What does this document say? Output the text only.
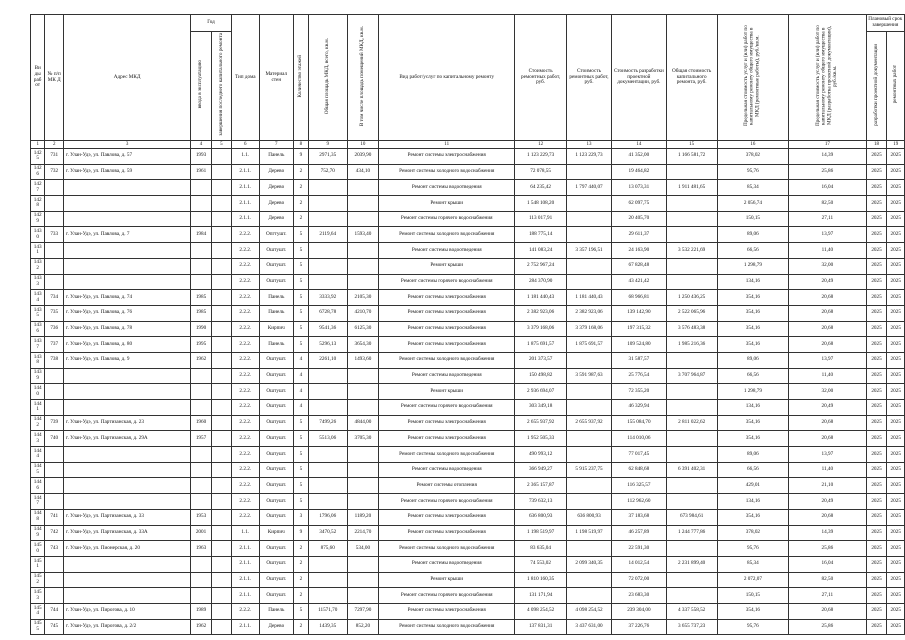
Ви ды раб от	№ п/п МК Д	Адрес МКД	Год		Тип дома	Материал стен	Количество этажей	Общая площадь МКД, всего, кв.м.	В том числе площадь помещений МКД, кв.м.	Вид работ/услуг по капитальному ремонту	Стоимость ремонтных работ, руб.	Стоимость ремонтных работ, руб.	Стоимость разработки проектной документации, руб.	Общая стоимость капитального ремонта, руб.	Предельная стоимость услуг и (или) работ по капитальному ремонту общего имущества в МКД (ремонтные работы), руб./кв.м.	Предельная стоимость услуг и (или) работ по капитальному ремонту общего имущества в МКД (разработка проектной документации), руб./кв.м.	Плановый срок завершения	
			ввода в эксплуатацию	завершения последнего капитального ремонта													разработки проектной документации	ремонтных работ
1	2	3	4	5	6	7	8	9	10	11	12	13	14	15	16	17	18	19
142 5	731	г. Улан-Удэ, ул. Павлова, д. 57	1993		1.1.	Панель	9	2971,35	2039,90	Ремонт системы электроснабжения	1 123 229,73	1 123 229,73	41 352,00	1 166 581,72	378,02	14,39	2025	2025
142 6	732	г. Улан-Удэ, ул. Павлова, д. 59	1961		2.1.1.	Дерево	2	752,70	434,10	Ремонт системы холодного водоснабжения	72 078,55		19 464,82		95,76	25,86	2025	2025
142 7					2.1.1.	Дерево	2			Ремонт системы водоотведения	64 235,42	1 797 440,07	13 073,31	1 911 481,65	85,34	16,04	2025	2025
142 8					2.1.1.	Дерево	2			Ремонт крыши	1 548 108,20		62 097,75		2 056,74	82,50	2025	2025
142 9					2.1.1.	Дерево	2			Ремонт системы горячего водоснабжения	113 017,91		20 405,70		150,15	27,11	2025	2025
143 0	733	г. Улан-Удэ, ул. Павлова, д. 7	1984		2.2.2.	Опгтушт.	5	2119,64	1593,40	Ремонт системы холодного водоснабжения	188 775,14		29 611,37		89,06	13,97	2025	2025
143 1					2.2.2.	Оштушт.	5			Ремонт системы водоотведения	141 083,24	3 357 196,51	24 163,90	3 532 221,69	66,56	11,40	2025	2025
143 2					2.2.2.	Оштушт.	5			Ремонт крыши	2 752 967,24		67 828,48		1 298,79	32,00	2025	2025
143 3					2.2.2.	Оштушт.	5			Ремонт системы горячего водоснабжения	284 370,90		43 421,42		134,16	20,49	2025	2025
143 4	734	г. Улан-Удэ, ул. Павлова, д. 74	1985		2.2.2.	Панель	5	3333,92	2105,30	Ремонт системы электроснабжения	1 181 440,43	1 181 440,43	68 966,81	1 250 436,25	354,16	20,68	2025	2025
143 5	735	г. Улан-Удэ, ул. Павлова, д. 76	1985		2.2.2.	Панель	5	6728,78	4210,70	Ремонт системы электроснабжения	2 382 923,06	2 382 923,06	139 142,90	2 522 065,96	354,16	20,68	2025	2025
143 6	736	г. Улан-Удэ, ул. Павлова, д. 78	1990		2.2.2.	Кирпич	5	9541,36	6125,30	Ремонт системы электроснабжения	3 379 168,06	3 379 168,06	197 315,32	3 576 483,38	354,16	20,68	2025	2025
143 7	737	г. Улан-Удэ, ул. Павлова, д. 80	1995		2.2.2.	Панель	5	5296,13	3654,30	Ремонт системы электроснабжения	1 875 691,57	1 875 691,57	109 524,80	1 985 216,36	354,16	20,68	2025	2025
143 8	738	г. Улан-Удэ, ул. Павлова, д. 9	1962		2.2.2.	Оштушт.	4	2261,10	1493,60	Ремонт системы холодного водоснабжения	201 373,57		31 587,57		89,06	13,97	2025	2025
143 9					2.2.2.	Оштушт.	4			Ремонт системы водоотведения	150 498,82	3 591 987,63	25 776,54	3 707 964,87	66,56	11,40	2025	2025
144 0					2.2.2.	Оштушт.	4			Ремонт крыши	2 936 694,07		72 355,20		1 298,79	32,00	2025	2025
144 1					2.2.2.	Оштушт.	4			Ремонт системы горячего водоснабжения	303 349,18		46 329,94		134,16	20,49	2025	2025
144 2	739	г. Улан-Удэ, ул. Партизанская, д. 23	1960		2.2.2.	Оштушт.	5	7499,26	4844,00	Ремонт системы электроснабжения	2 655 937,92	2 655 937,92	155 084,70	2 811 022,62	354,16	20,68	2025	2025
144 3	740	г. Улан-Удэ, ул. Партизанская, д. 29А	1957		2.2.2.	Оштушт.	5	5513,06	3705,30	Ремонт системы электроснабжения	1 952 505,33		114 010,06		354,16	20,68	2025	2025
144 4					2.2.2.	Оштушт.	5			Ремонт системы холодного водоснабжения	490 993,12		77 017,45		89,06	13,97	2025	2025
144 5					2.2.2.	Оштушт.	5			Ремонт системы водоотведения	366 949,27	5 915 237,75	62 848,68	6 391 402,31	66,56	11,40	2025	2025
144 6					2.2.2.	Оштушт.	5			Ремонт системы отопления	2 365 157,87		116 325,57		429,01	21,10	2025	2025
144 7					2.2.2.	Оштушт.	5			Ремонт системы горячего водоснабжения	739 632,13		112 962,60		134,16	20,49	2025	2025
144 8	741	г. Улан-Удэ, ул. Партизанская, д. 33	1953		2.2.2.	Оштушт.	3	1796,06	1189,20	Ремонт системы электроснабжения	636 800,93	636 800,93	37 183,68	673 984,61	354,16	20,68	2025	2025
144 9	742	г. Улан-Удэ, ул. Партизанская, д. 33А	2001		1.1.	Кирпич	9	3470,52	2214,70	Ремонт системы электроснабжения	1 198 519,97	1 198 519,97	46 257,89	1 244 777,86	378,02	14,39	2025	2025
145 0	743	г. Улан-Удэ, ул. Пионерская, д. 20	1963		2.1.1.	Оштушт.	2	875,60	534,00	Ремонт системы холодного водоснабжения	83 635,04		22 591,30		95,76	25,86	2025	2025
145 1					2.1.1.	Оштушт.	2			Ремонт системы водоотведения	74 553,02	2 099 340,35	14 012,54	2 231 899,40	85,34	16,04	2025	2025
145 2					2.1.1.	Оштушт.	2			Ремонт крыши	1 810 160,35		72 072,00		2 072,07	82,50	2025	2025
145 3					2.1.1.	Оштушт.	2			Ремонт системы горячего водоснабжения	131 171,94		23 683,30		150,15	27,11	2025	2025
145 4	744	г. Улан-Удэ, ул. Пирогова, д. 10	1989		2.2.2.	Панель	5	11571,70	7297,90	Ремонт системы электроснабжения	4 098 254,52	4 098 254,52	239 304,00	4 337 558,52	354,16	20,68	2025	2025
145 5	745	г. Улан-Удэ, ул. Пирогова, д. 2/2	1962		2.1.1.	Дерево	2	1439,35	852,20	Ремонт системы холодного водоснабжения	137 831,31	3 437 631,00	37 226,76	3 655 737,23	95,76	25,86	2025	2025
